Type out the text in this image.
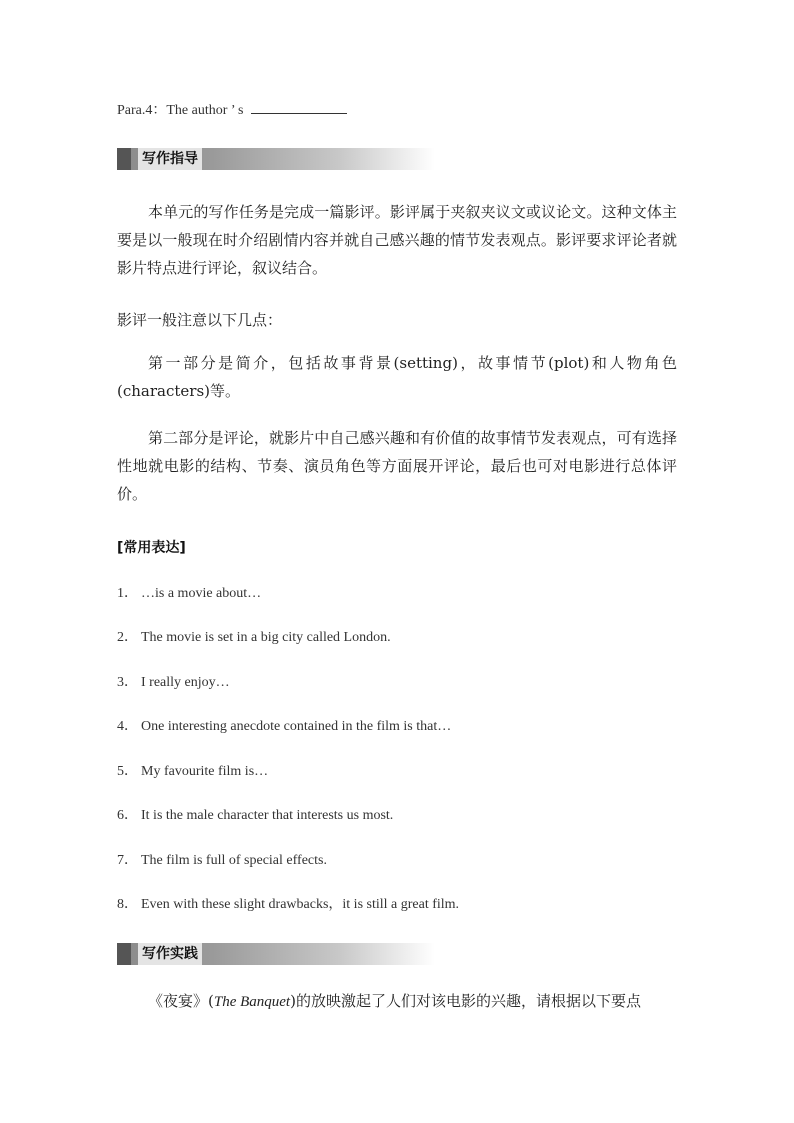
Para.4：The author ’ s
写作指导
本单元的写作任务是完成一篇影评。影评属于夹叙夹议文或议论文。这种文体主要是以一般现在时介绍剧情内容并就自己感兴趣的情节发表观点。影评要求评论者就影片特点进行评论，叙议结合。
影评一般注意以下几点：
第一部分是简介，包括故事背景(setting)，故事情节(plot)和人物角色(characters)等。
第二部分是评论，就影片中自己感兴趣和有价值的故事情节发表观点，可有选择性地就电影的结构、节奏、演员角色等方面展开评论，最后也可对电影进行总体评价。
[常用表达]
1． …is a movie about…
2． The movie is set in a big city called London.
3． I really enjoy…
4． One interesting anecdote contained in the film is that…
5． My favourite film is…
6． It is the male character that interests us most.
7． The film is full of special effects.
8． Even with these slight drawbacks，it is still a great film.
写作实践
《夜宴》(The Banquet)的放映激起了人们对该电影的兴趣，请根据以下要点
